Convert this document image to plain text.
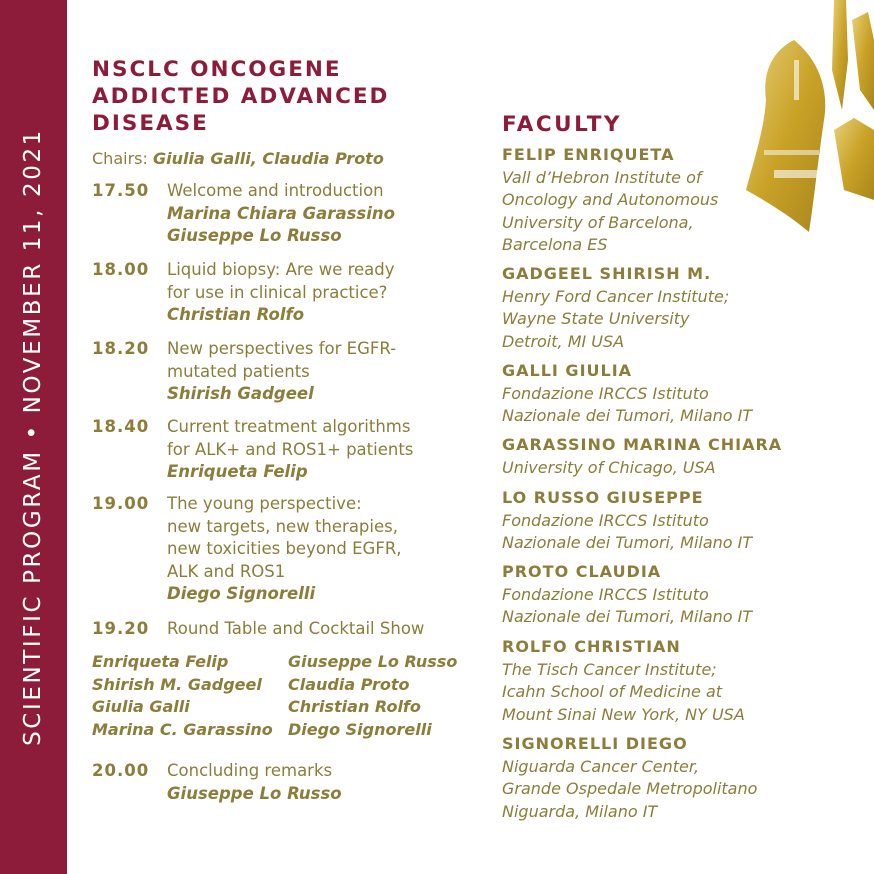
SCIENTIFIC PROGRAM • NOVEMBER 11, 2021
NSCLC ONCOGENE
ADDICTED ADVANCED
DISEASE
Chairs: Giulia Galli, Claudia Proto
17.50 Welcome and introduction
Marina Chiara Garassino
Giuseppe Lo Russo
18.00 Liquid biopsy: Are we ready
for use in clinical practice?
Christian Rolfo
18.20 New perspectives for EGFR-
mutated patients
Shirish Gadgeel
18.40 Current treatment algorithms
for ALK+ and ROS1+ patients
Enriqueta Felip
19.00 The young perspective:
new targets, new therapies,
new toxicities beyond EGFR,
ALK and ROS1
Diego Signorelli
19.20 Round Table and Cocktail Show
Enriqueta Felip
Shirish M. Gadgeel
Giulia Galli
Marina C. Garassino
Giuseppe Lo Russo
Claudia Proto
Christian Rolfo
Diego Signorelli
20.00 Concluding remarks
Giuseppe Lo Russo
FACULTY
FELIP ENRIQUETA
Vall d’Hebron Institute of
Oncology and Autonomous
University of Barcelona,
Barcelona ES
GADGEEL SHIRISH M.
Henry Ford Cancer Institute;
Wayne State University
Detroit, MI USA
GALLI GIULIA
Fondazione IRCCS Istituto
Nazionale dei Tumori, Milano IT
GARASSINO MARINA CHIARA
University of Chicago, USA
LO RUSSO GIUSEPPE
Fondazione IRCCS Istituto
Nazionale dei Tumori, Milano IT
PROTO CLAUDIA
Fondazione IRCCS Istituto
Nazionale dei Tumori, Milano IT
ROLFO CHRISTIAN
The Tisch Cancer Institute;
Icahn School of Medicine at
Mount Sinai New York, NY USA
SIGNORELLI DIEGO
Niguarda Cancer Center,
Grande Ospedale Metropolitano
Niguarda, Milano IT
